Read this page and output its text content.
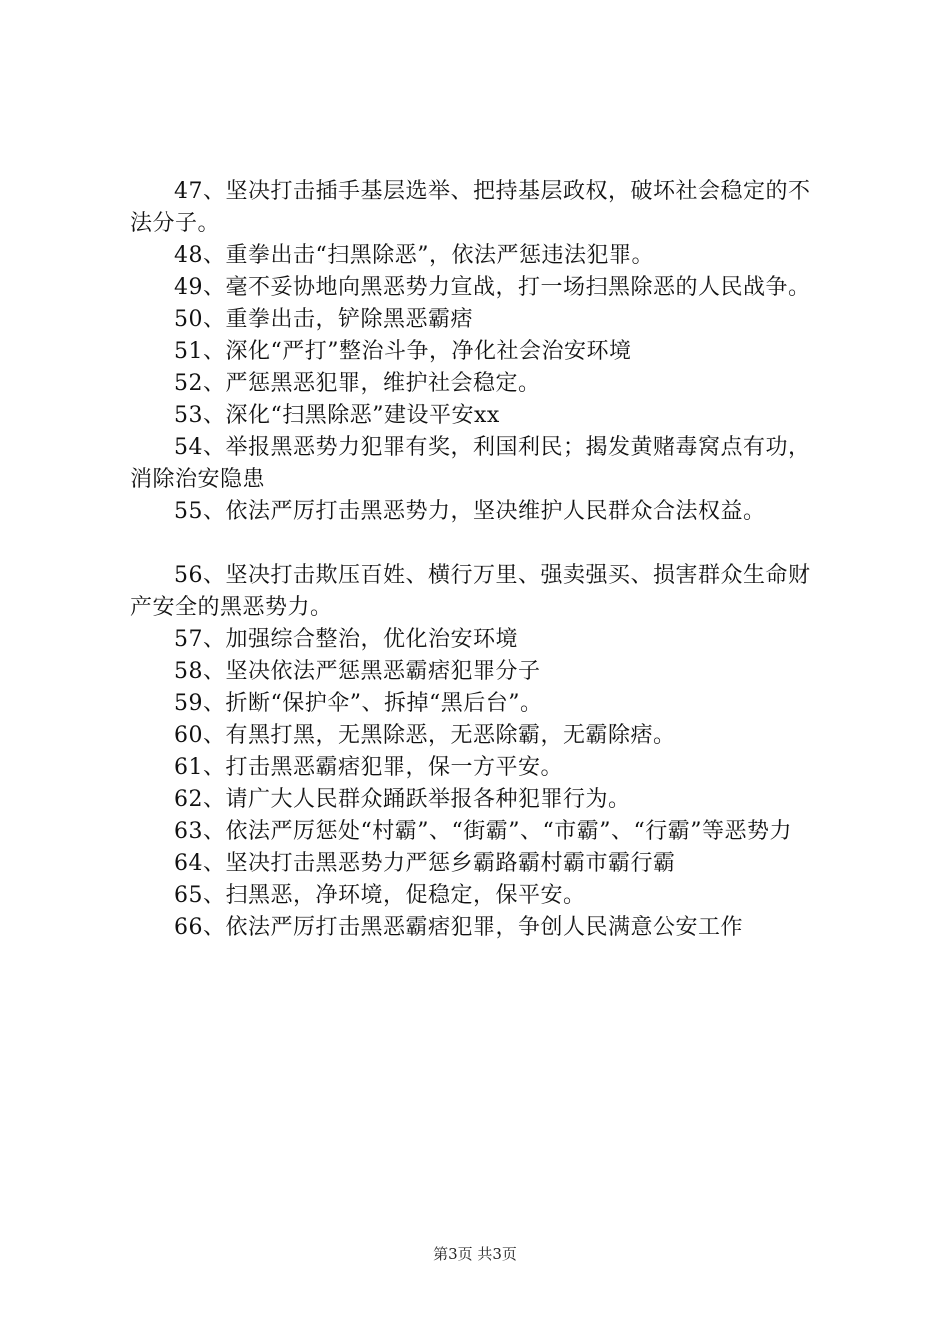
47、坚决打击插手基层选举、把持基层政权，破坏社会稳定的不法分子。

48、重拳出击“扫黑除恶”，依法严惩违法犯罪。

49、毫不妥协地向黑恶势力宣战，打一场扫黑除恶的人民战争。

50、重拳出击，铲除黑恶霸痞

51、深化“严打”整治斗争，净化社会治安环境

52、严惩黑恶犯罪，维护社会稳定。

53、深化“扫黑除恶”建设平安xx

54、举报黑恶势力犯罪有奖，利国利民；揭发黄赌毒窝点有功，消除治安隐患

55、依法严厉打击黑恶势力，坚决维护人民群众合法权益。

56、坚决打击欺压百姓、横行万里、强卖强买、损害群众生命财产安全的黑恶势力。

57、加强综合整治，优化治安环境

58、坚决依法严惩黑恶霸痞犯罪分子

59、折断“保护伞”、拆掉“黑后台”。

60、有黑打黑，无黑除恶，无恶除霸，无霸除痞。

61、打击黑恶霸痞犯罪，保一方平安。

62、请广大人民群众踊跃举报各种犯罪行为。

63、依法严厉惩处“村霸”、“街霸”、“市霸”、“行霸”等恶势力

64、坚决打击黑恶势力严惩乡霸路霸村霸市霸行霸

65、扫黑恶，净环境，促稳定，保平安。

66、依法严厉打击黑恶霸痞犯罪，争创人民满意公安工作

第3页 共3页
